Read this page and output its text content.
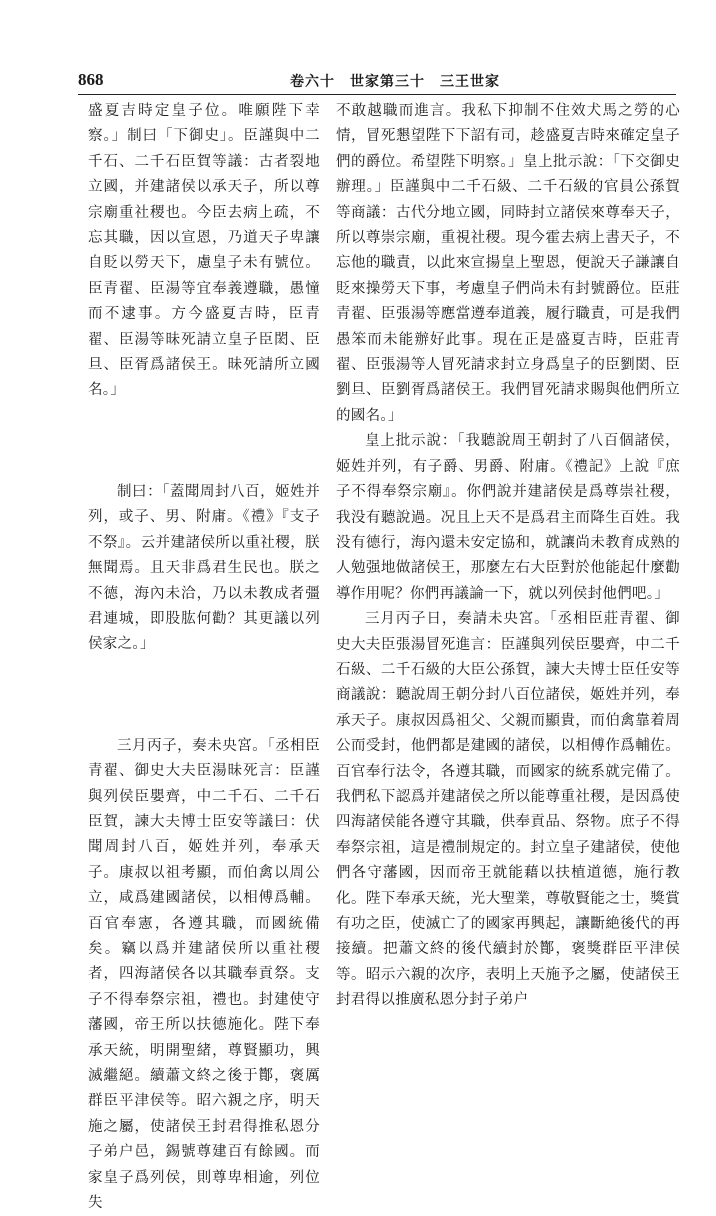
868	卷六十　世家第三十　三王世家

盛夏吉時定皇子位。唯願陛下幸察。」制曰「下御史」。臣謹與中二千石、二千石臣賀等議：古者裂地立國，并建諸侯以承天子，所以尊宗廟重社稷也。今臣去病上疏，不忘其職，因以宣恩，乃道天子卑讓自貶以勞天下，慮皇子未有號位。臣青翟、臣湯等宜奉義遵職，愚憧而不逮事。方今盛夏吉時，臣青翟、臣湯等昧死請立皇子臣閎、臣旦、臣胥爲諸侯王。昧死請所立國名。」

制曰：「蓋聞周封八百，姬姓并列，或子、男、附庸。《禮》『支子不祭』。云并建諸侯所以重社稷，朕無聞焉。且天非爲君生民也。朕之不德，海內未洽，乃以未教成者彊君連城，即股肱何勸？其更議以列侯家之。」

三月丙子，奏未央宮。「丞相臣青翟、御史大夫臣湯昧死言：臣謹與列侯臣嬰齊，中二千石、二千石臣賀，諫大夫博士臣安等議曰：伏聞周封八百，姬姓并列，奉承天子。康叔以祖考顯，而伯禽以周公立，咸爲建國諸侯，以相傅爲輔。百官奉憲，各遵其職，而國統備矣。竊以爲并建諸侯所以重社稷者，四海諸侯各以其職奉貢祭。支子不得奉祭宗祖，禮也。封建使守藩國，帝王所以扶德施化。陛下奉承天統，明開聖緒，尊賢顯功，興滅繼絕。續蕭文終之後于酇，褒厲群臣平津侯等。昭六親之序，明天施之屬，使諸侯王封君得推私恩分子弟户邑，錫號尊建百有餘國。而家皇子爲列侯，則尊卑相逾，列位失

不敢越職而進言。我私下抑制不住效犬馬之勞的心情，冒死懇望陛下下詔有司，趁盛夏吉時來確定皇子們的爵位。希望陛下明察。」皇上批示說：「下交御史辦理。」臣謹與中二千石級、二千石級的官員公孫賀等商議：古代分地立國，同時封立諸侯來尊奉天子，所以尊崇宗廟，重視社稷。現今霍去病上書天子，不忘他的職責，以此來宣揚皇上聖恩，便說天子謙讓自貶來操勞天下事，考慮皇子們尚未有封號爵位。臣莊青翟、臣張湯等應當遵奉道義，履行職責，可是我們愚笨而未能辦好此事。現在正是盛夏吉時，臣莊青翟、臣張湯等人冒死請求封立身爲皇子的臣劉閎、臣劉旦、臣劉胥爲諸侯王。我們冒死請求賜與他們所立的國名。」

皇上批示說：「我聽說周王朝封了八百個諸侯，姬姓并列，有子爵、男爵、附庸。《禮記》上說『庶子不得奉祭宗廟』。你們說并建諸侯是爲尊崇社稷，我没有聽說過。况且上天不是爲君主而降生百姓。我没有德行，海內還未安定協和，就讓尚未教育成熟的人勉强地做諸侯王，那麼左右大臣對於他能起什麼勸導作用呢？你們再議論一下，就以列侯封他們吧。」

三月丙子日，奏請未央宮。「丞相臣莊青翟、御史大夫臣張湯冒死進言：臣謹與列侯臣嬰齊，中二千石級、二千石級的大臣公孫賀，諫大夫博士臣任安等商議說：聽說周王朝分封八百位諸侯，姬姓并列，奉承天子。康叔因爲祖父、父親而顯貴，而伯禽靠着周公而受封，他們都是建國的諸侯，以相傅作爲輔佐。百官奉行法令，各遵其職，而國家的統系就完備了。我們私下認爲并建諸侯之所以能尊重社稷，是因爲使四海諸侯能各遵守其職，供奉貢品、祭物。庶子不得奉祭宗祖，這是禮制規定的。封立皇子建諸侯，使他們各守藩國，因而帝王就能藉以扶植道德，施行教化。陛下奉承天統，光大聖業，尊敬賢能之士，獎賞有功之臣，使滅亡了的國家再興起，讓斷絶後代的再接續。把蕭文終的後代續封於酇，褒獎群臣平津侯等。昭示六親的次序，表明上天施予之屬，使諸侯王封君得以推廣私恩分封子弟户
